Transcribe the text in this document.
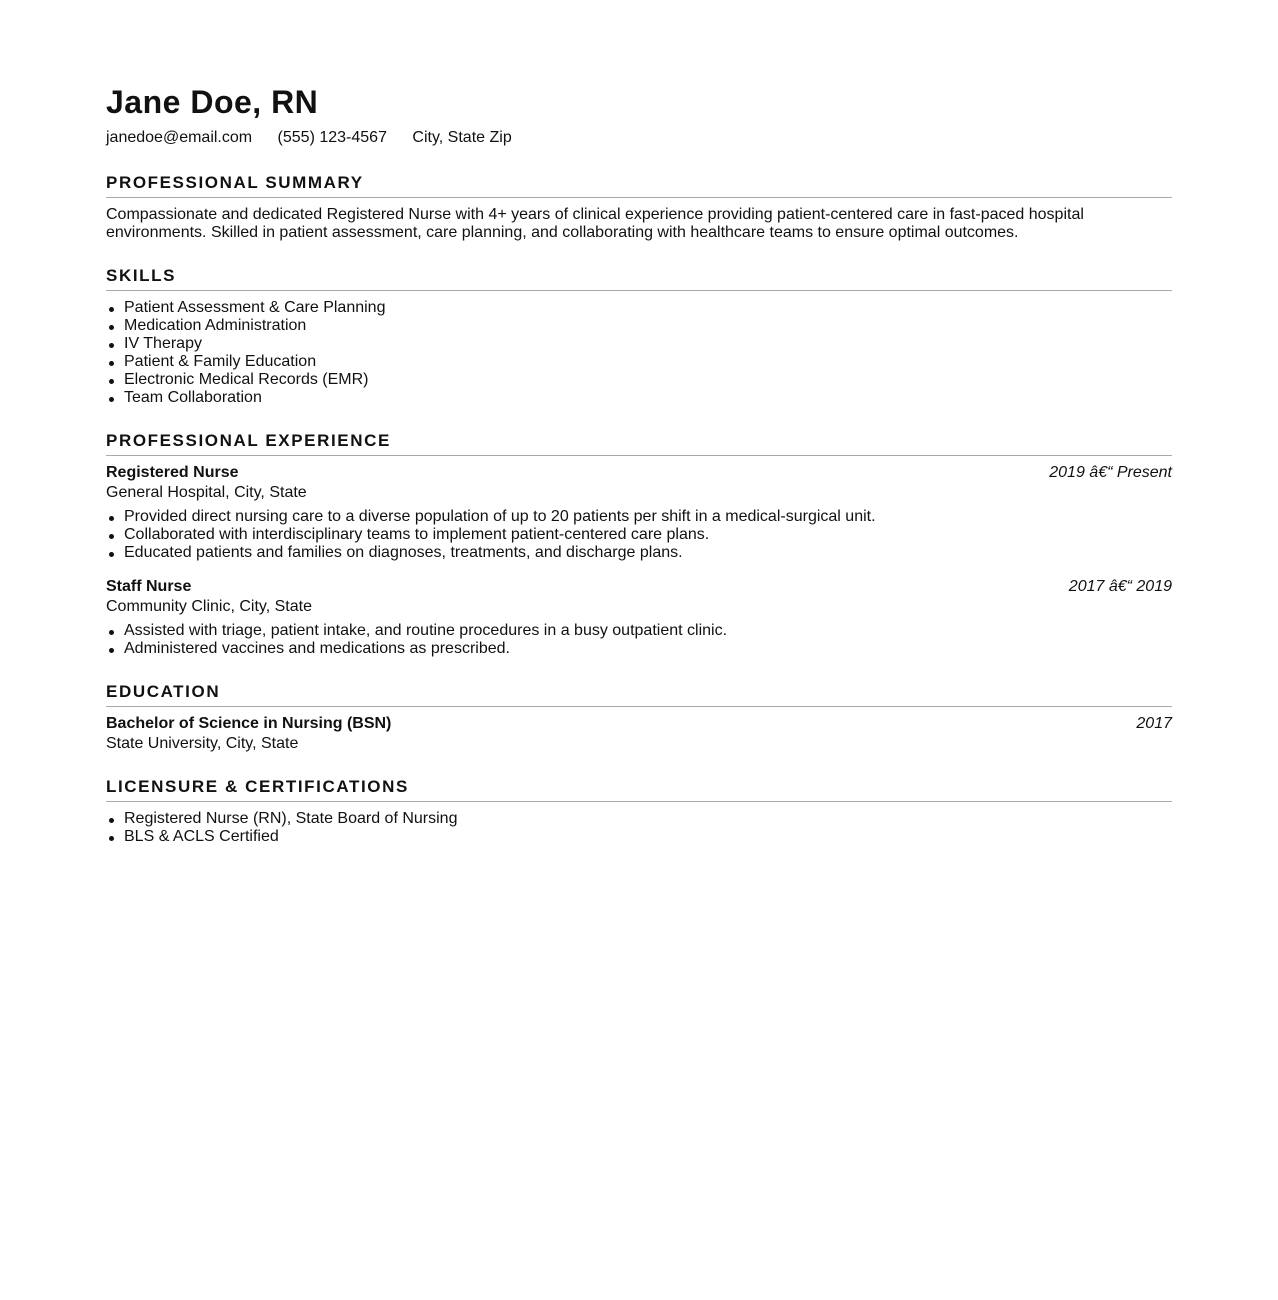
Jane Doe, RN
janedoe@email.com (555) 123-4567 City, State Zip
PROFESSIONAL SUMMARY

Compassionate and dedicated Registered Nurse with 4+ years of clinical experience providing patient-centered care in fast-paced hospital environments. Skilled in patient assessment, care planning, and collaborating with healthcare teams to ensure optimal outcomes.

SKILLS
Patient Assessment & Care Planning
Medication Administration
IV Therapy
Patient & Family Education
Electronic Medical Records (EMR)
Team Collaboration
PROFESSIONAL EXPERIENCE
Registered Nurse	2019 â€“ Present
General Hospital, City, State
Provided direct nursing care to a diverse population of up to 20 patients per shift in a medical-surgical unit.
Collaborated with interdisciplinary teams to implement patient-centered care plans.
Educated patients and families on diagnoses, treatments, and discharge plans.
Staff Nurse	2017 â€“ 2019
Community Clinic, City, State
Assisted with triage, patient intake, and routine procedures in a busy outpatient clinic.
Administered vaccines and medications as prescribed.
EDUCATION
Bachelor of Science in Nursing (BSN)	2017
State University, City, State
LICENSURE & CERTIFICATIONS
Registered Nurse (RN), State Board of Nursing
BLS & ACLS Certified
